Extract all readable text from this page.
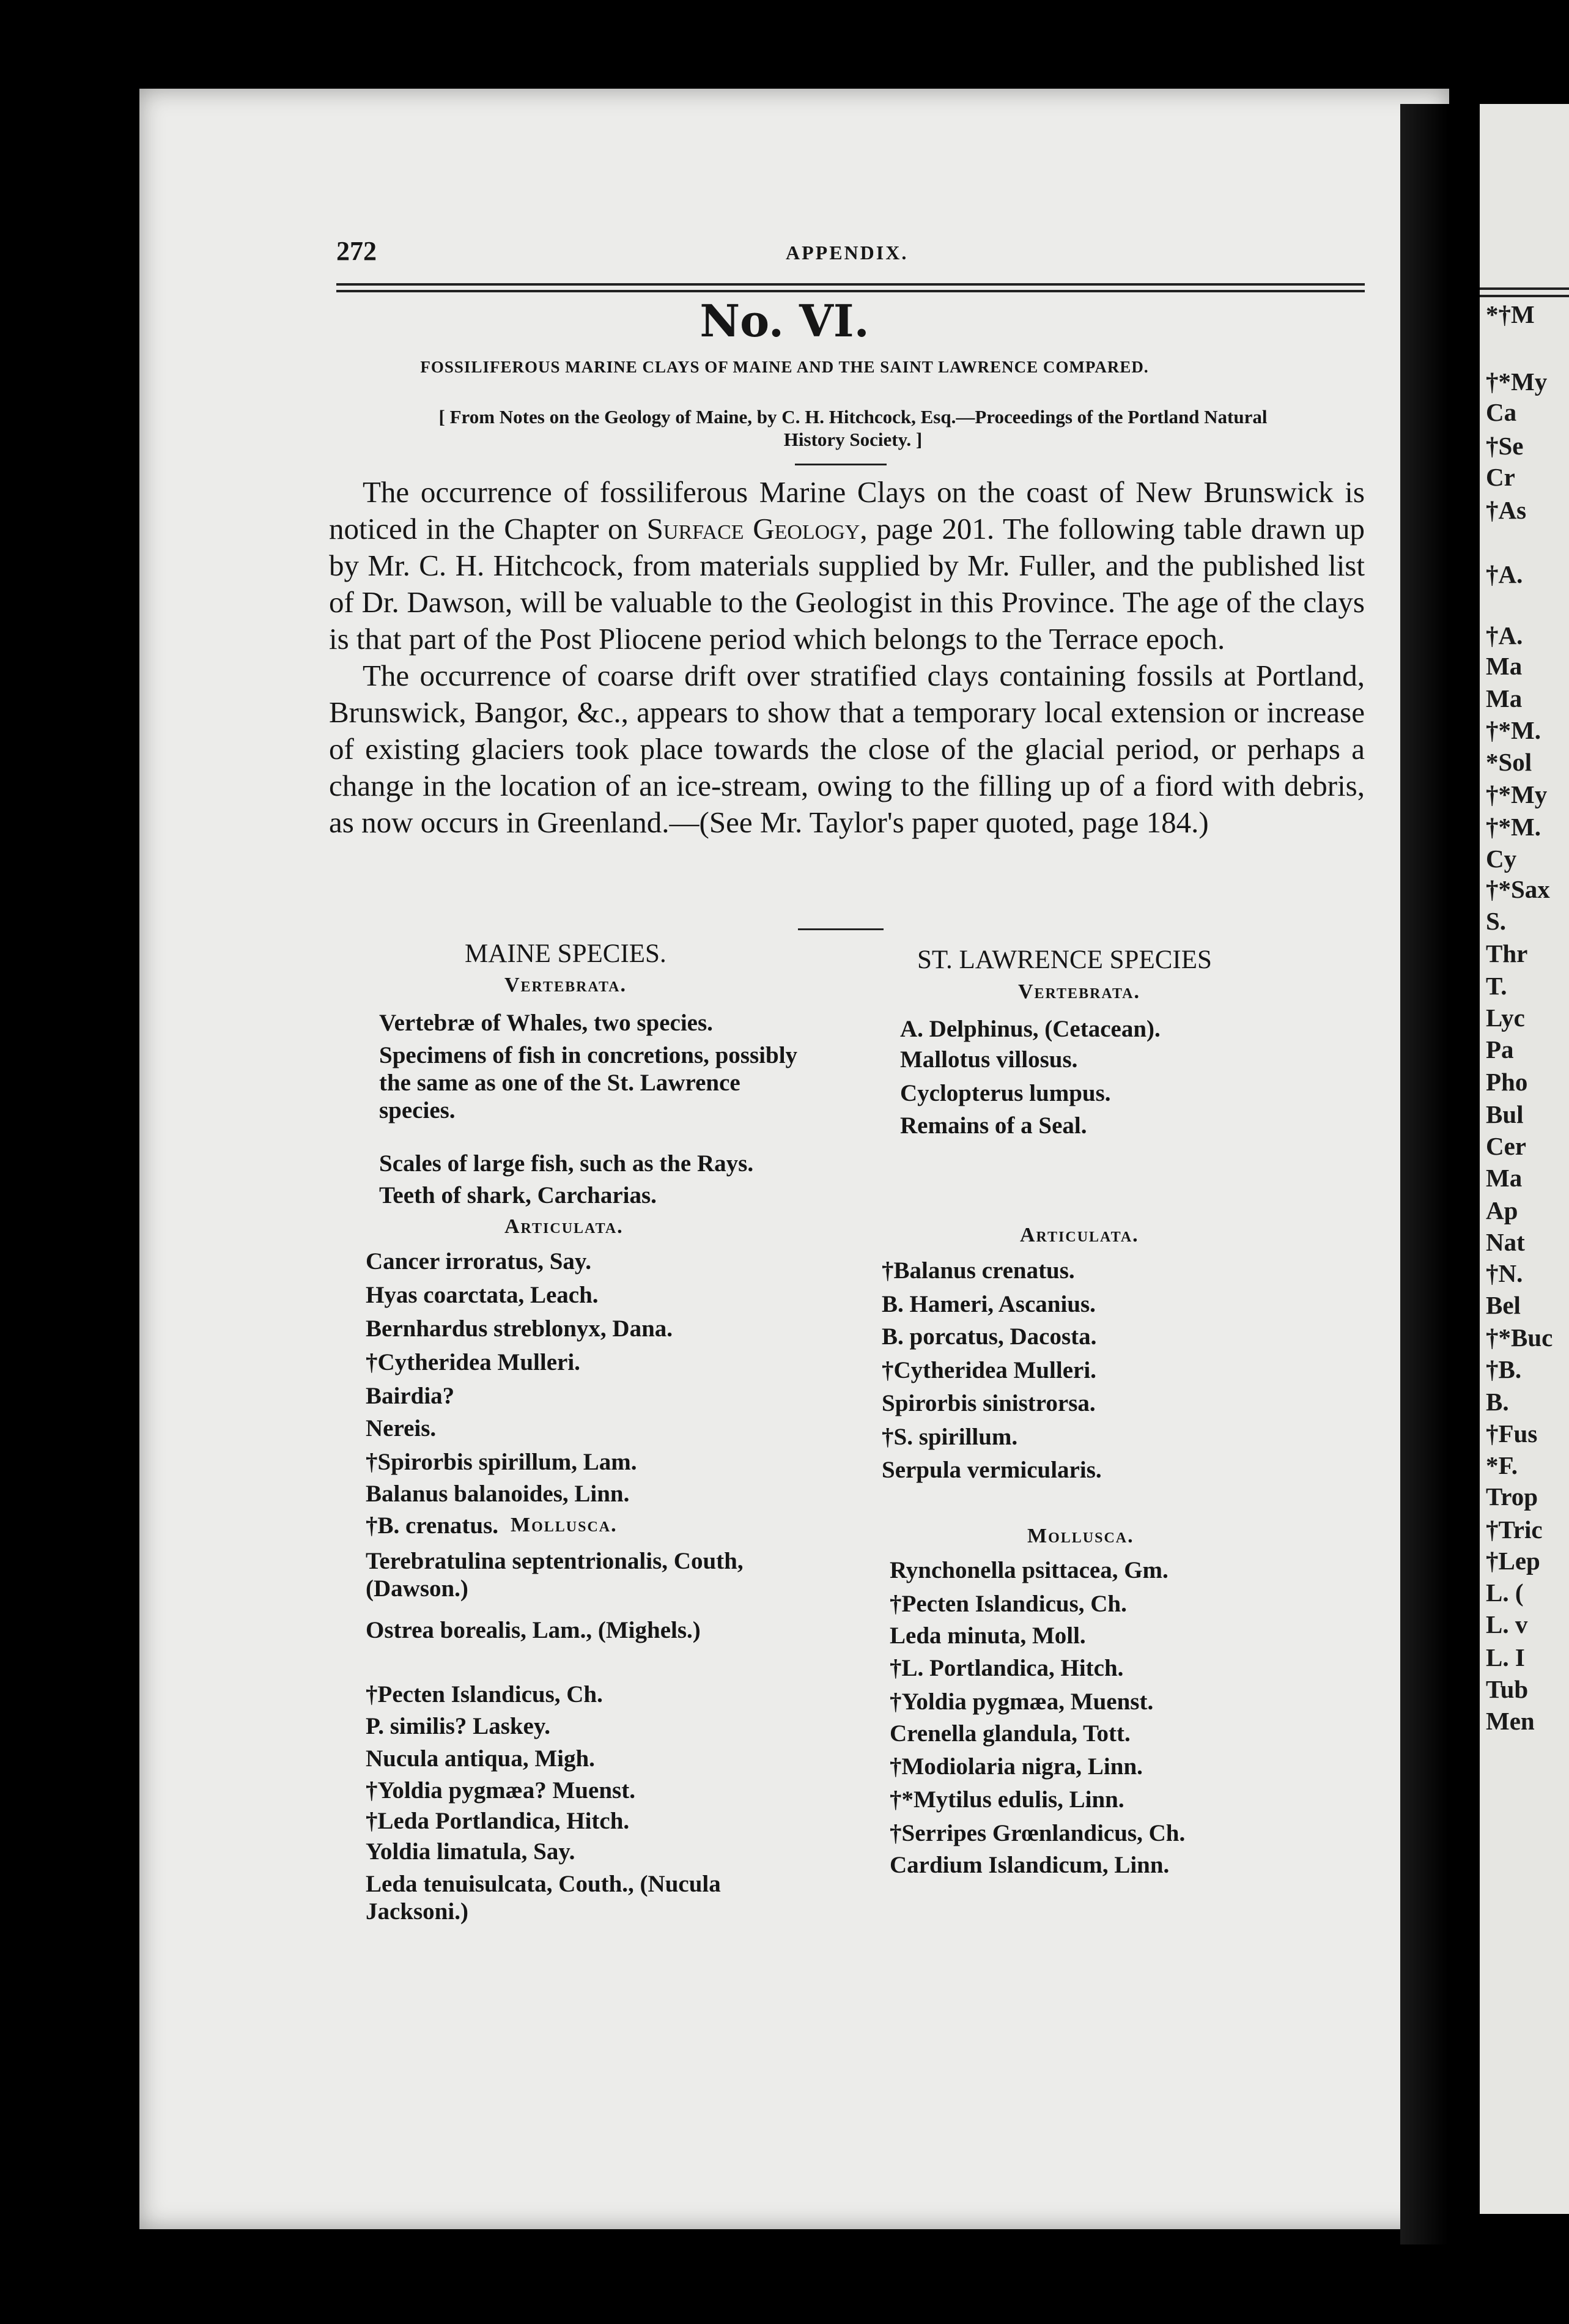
*†M
†*My
Ca
†Se
Cr
†As
†A.
†A.
Ma
Ma
†*M.
*Sol
†*My
†*M.
Cy
†*Sax
S.
Thr
T.
Lyc
Pa
Pho
Bul
Cer
Ma
Ap
Nat
†N.
Bel
†*Buc
†B.
B.
†Fus
*F.
Trop
†Tric
†Lep
L. (
L. v
L. I
Tub
Men
272	APPENDIX.
No. VI.
FOSSILIFEROUS MARINE CLAYS OF MAINE AND THE SAINT LAWRENCE COMPARED.
[ From Notes on the Geology of Maine, by C. H. Hitchcock, Esq.—Proceedings of the Portland Natural
History Society. ]

The occurrence of fossiliferous Marine Clays on the coast of New Brunswick is noticed in the Chapter on Surface Geology, page 201. The following table drawn up by Mr. C. H. Hitchcock, from materials supplied by Mr. Fuller, and the published list of Dr. Dawson, will be valuable to the Geologist in this Province. The age of the clays is that part of the Post Pliocene period which belongs to the Terrace epoch.

The occurrence of coarse drift over stratified clays containing fossils at Portland, Brunswick, Bangor, &c., appears to show that a temporary local extension or increase of existing glaciers took place towards the close of the glacial period, or perhaps a change in the location of an ice-stream, owing to the filling up of a fiord with debris, as now occurs in Greenland.—(See Mr. Taylor's paper quoted, page 184.)

MAINE SPECIES.
Vertebrata.
Vertebræ of Whales, two species.
Specimens of fish in concretions, possibly the same as one of the St. Lawrence species.
Scales of large fish, such as the Rays.
Teeth of shark, Carcharias.
Articulata.
Cancer irroratus, Say.
Hyas coarctata, Leach.
Bernhardus streblonyx, Dana.
†Cytheridea Mulleri.
Bairdia?
Nereis.
†Spirorbis spirillum, Lam.
Balanus balanoides, Linn.
†B. crenatus. Mollusca.
Terebratulina septentrionalis, Couth, (Dawson.)
Ostrea borealis, Lam., (Mighels.)
†Pecten Islandicus, Ch.
P. similis? Laskey.
Nucula antiqua, Migh.
†Yoldia pygmæa? Muenst.
†Leda Portlandica, Hitch.
Yoldia limatula, Say.
Leda tenuisulcata, Couth., (Nucula Jacksoni.)
ST. LAWRENCE SPECIES
Vertebrata.
A. Delphinus, (Cetacean).
Mallotus villosus.
Cyclopterus lumpus.
Remains of a Seal.
Articulata.
†Balanus crenatus.
B. Hameri, Ascanius.
B. porcatus, Dacosta.
†Cytheridea Mulleri.
Spirorbis sinistrorsa.
†S. spirillum.
Serpula vermicularis.
Mollusca.
Rynchonella psittacea, Gm.
†Pecten Islandicus, Ch.
Leda minuta, Moll.
†L. Portlandica, Hitch.
†Yoldia pygmæa, Muenst.
Crenella glandula, Tott.
†Modiolaria nigra, Linn.
†*Mytilus edulis, Linn.
†Serripes Grœnlandicus, Ch.
Cardium Islandicum, Linn.
